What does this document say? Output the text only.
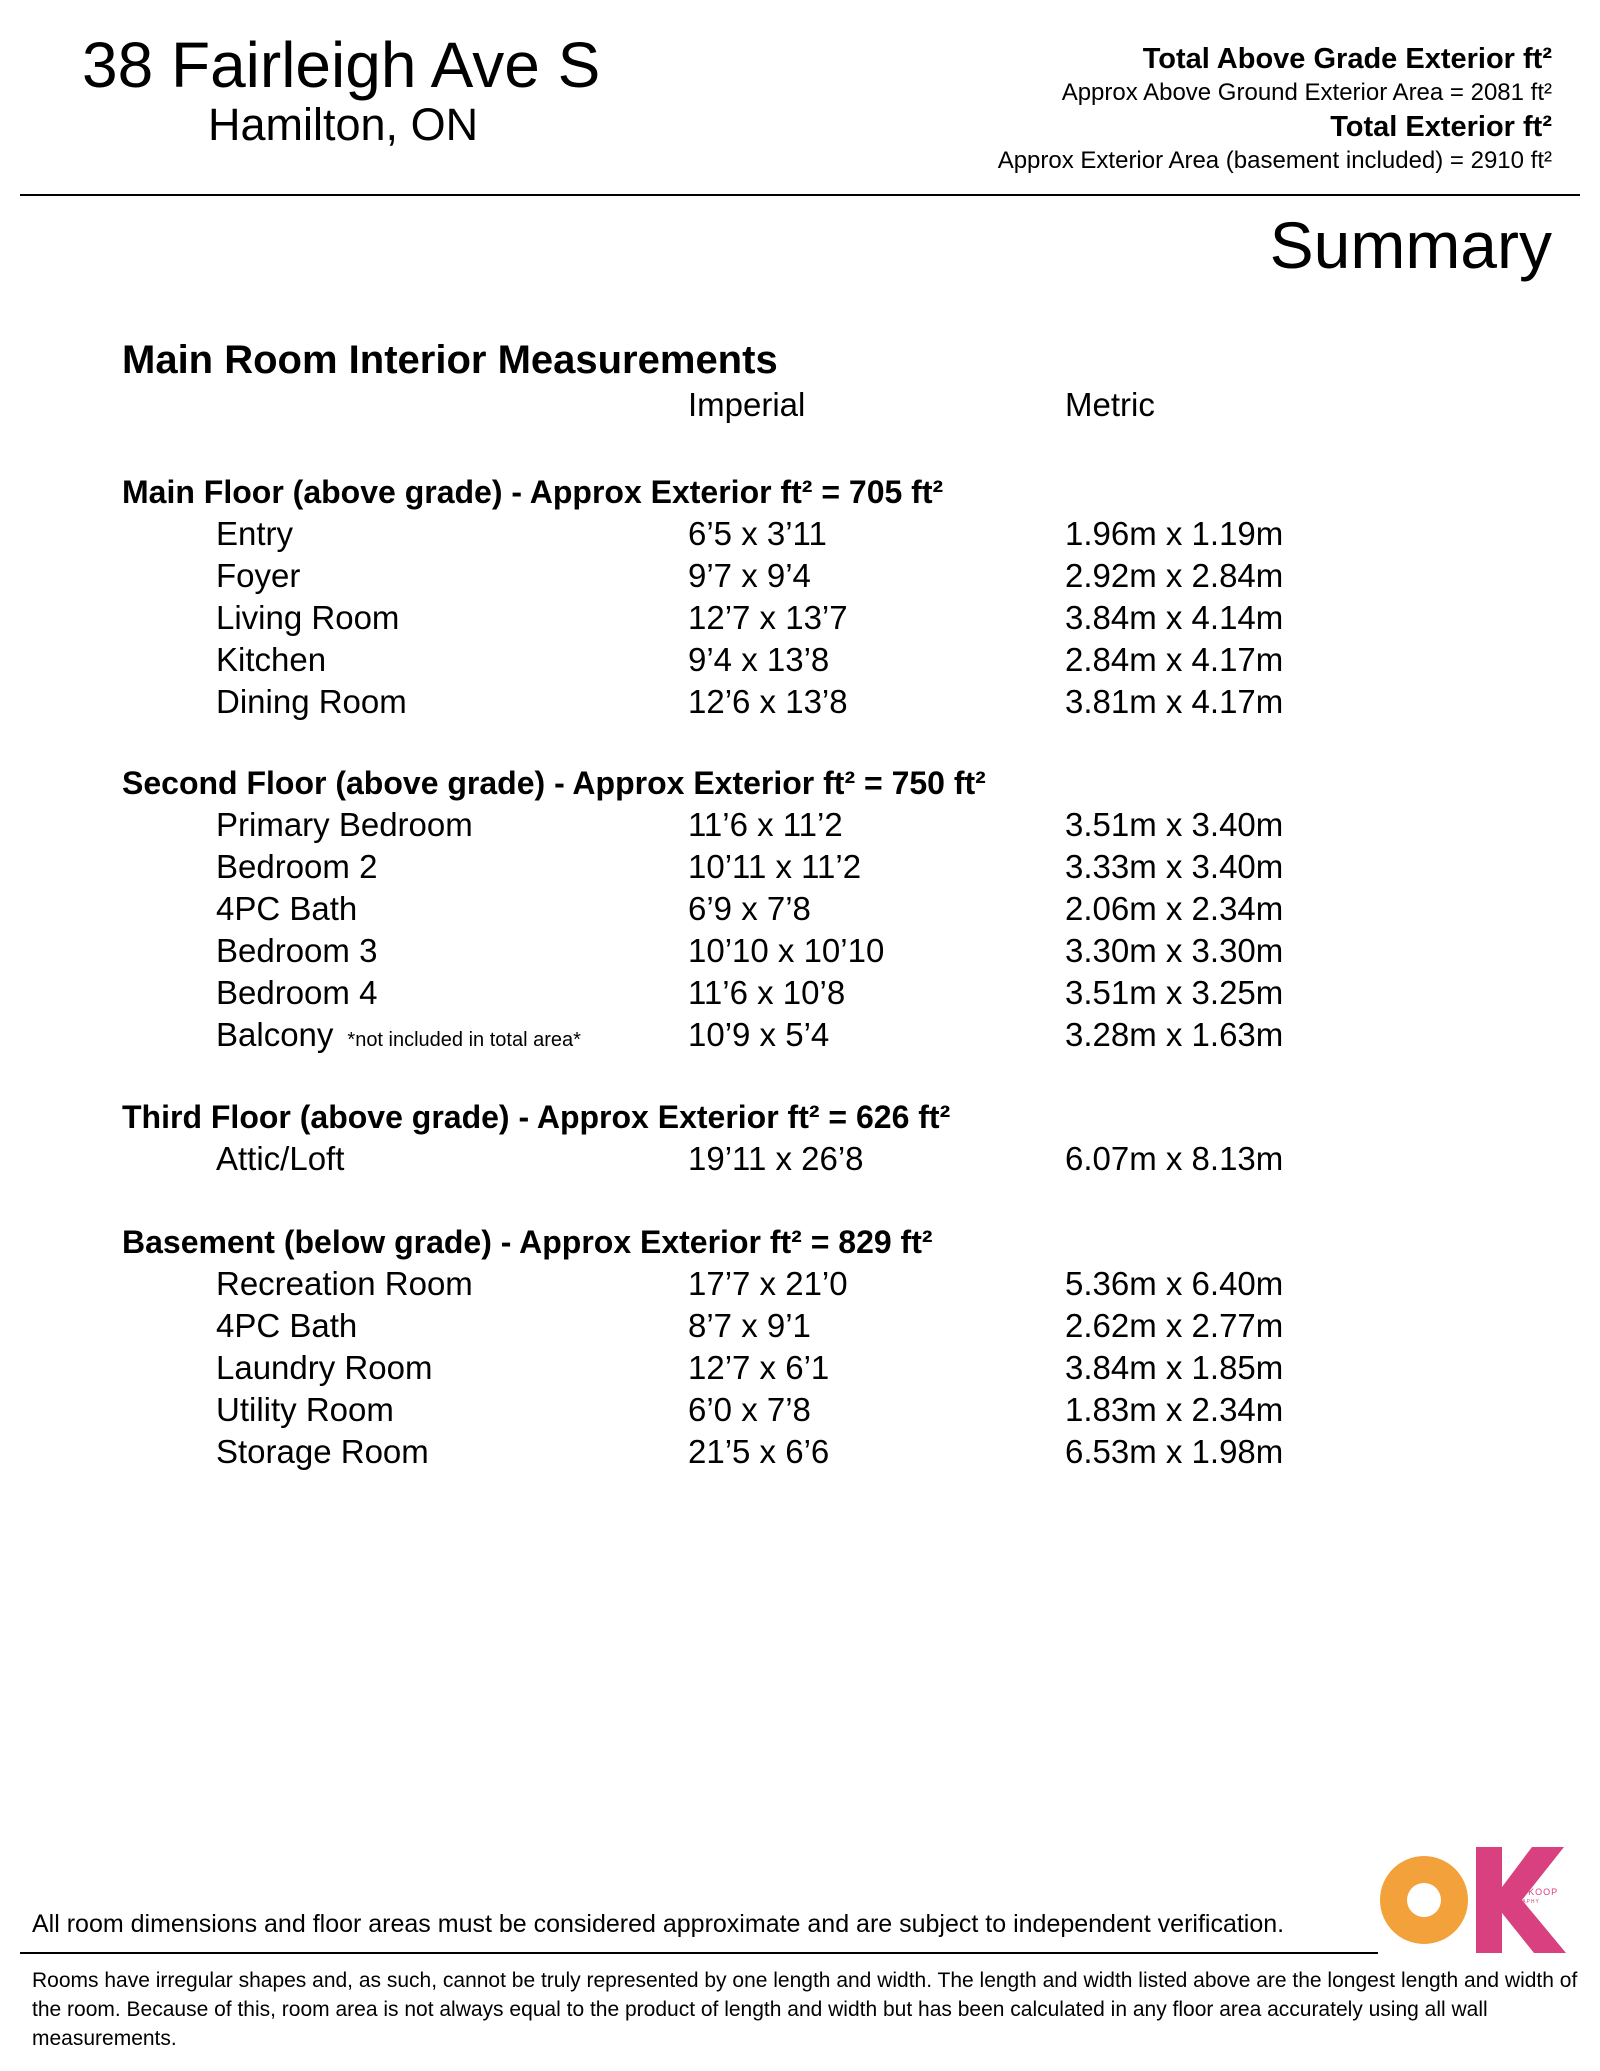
38 Fairleigh Ave S
Hamilton, ON
Total Above Grade Exterior ft²
Approx Above Ground Exterior Area = 2081 ft²
Total Exterior ft²
Approx Exterior Area (basement included) = 2910 ft²
Summary
Main Room Interior Measurements
Imperial	Metric
Main Floor (above grade) - Approx Exterior ft² = 705 ft²
Entry	6’5 x 3’11	1.96m x 1.19m
Foyer	9’7 x 9’4	2.92m x 2.84m
Living Room	12’7 x 13’7	3.84m x 4.14m
Kitchen	9’4 x 13’8	2.84m x 4.17m
Dining Room	12’6 x 13’8	3.81m x 4.17m
Second Floor (above grade) - Approx Exterior ft² = 750 ft²
Primary Bedroom	11’6 x 11’2	3.51m x 3.40m
Bedroom 2	10’11 x 11’2	3.33m x 3.40m
4PC Bath	6’9 x 7’8	2.06m x 2.34m
Bedroom 3	10’10 x 10’10	3.30m x 3.30m
Bedroom 4	11’6 x 10’8	3.51m x 3.25m
Balcony *not included in total area*	10’9 x 5’4	3.28m x 1.63m
Third Floor (above grade) - Approx Exterior ft² = 626 ft²
Attic/Loft	19’11 x 26’8	6.07m x 8.13m
Basement (below grade) - Approx Exterior ft² = 829 ft²
Recreation Room	17’7 x 21’0	5.36m x 6.40m
4PC Bath	8’7 x 9’1	2.62m x 2.77m
Laundry Room	12’7 x 6’1	3.84m x 1.85m
Utility Room	6’0 x 7’8	1.83m x 2.34m
Storage Room	21’5 x 6’6	6.53m x 1.98m
All room dimensions and floor areas must be considered approximate and are subject to independent verification.
Rooms have irregular shapes and, as such, cannot be truly represented by one length and width. The length and width listed above are the longest length and width of the room. Because of this, room area is not always equal to the product of length and width but has been calculated in any floor area accurately using all wall measurements.
CATHY KOOP
PHOTOGRAPHY
